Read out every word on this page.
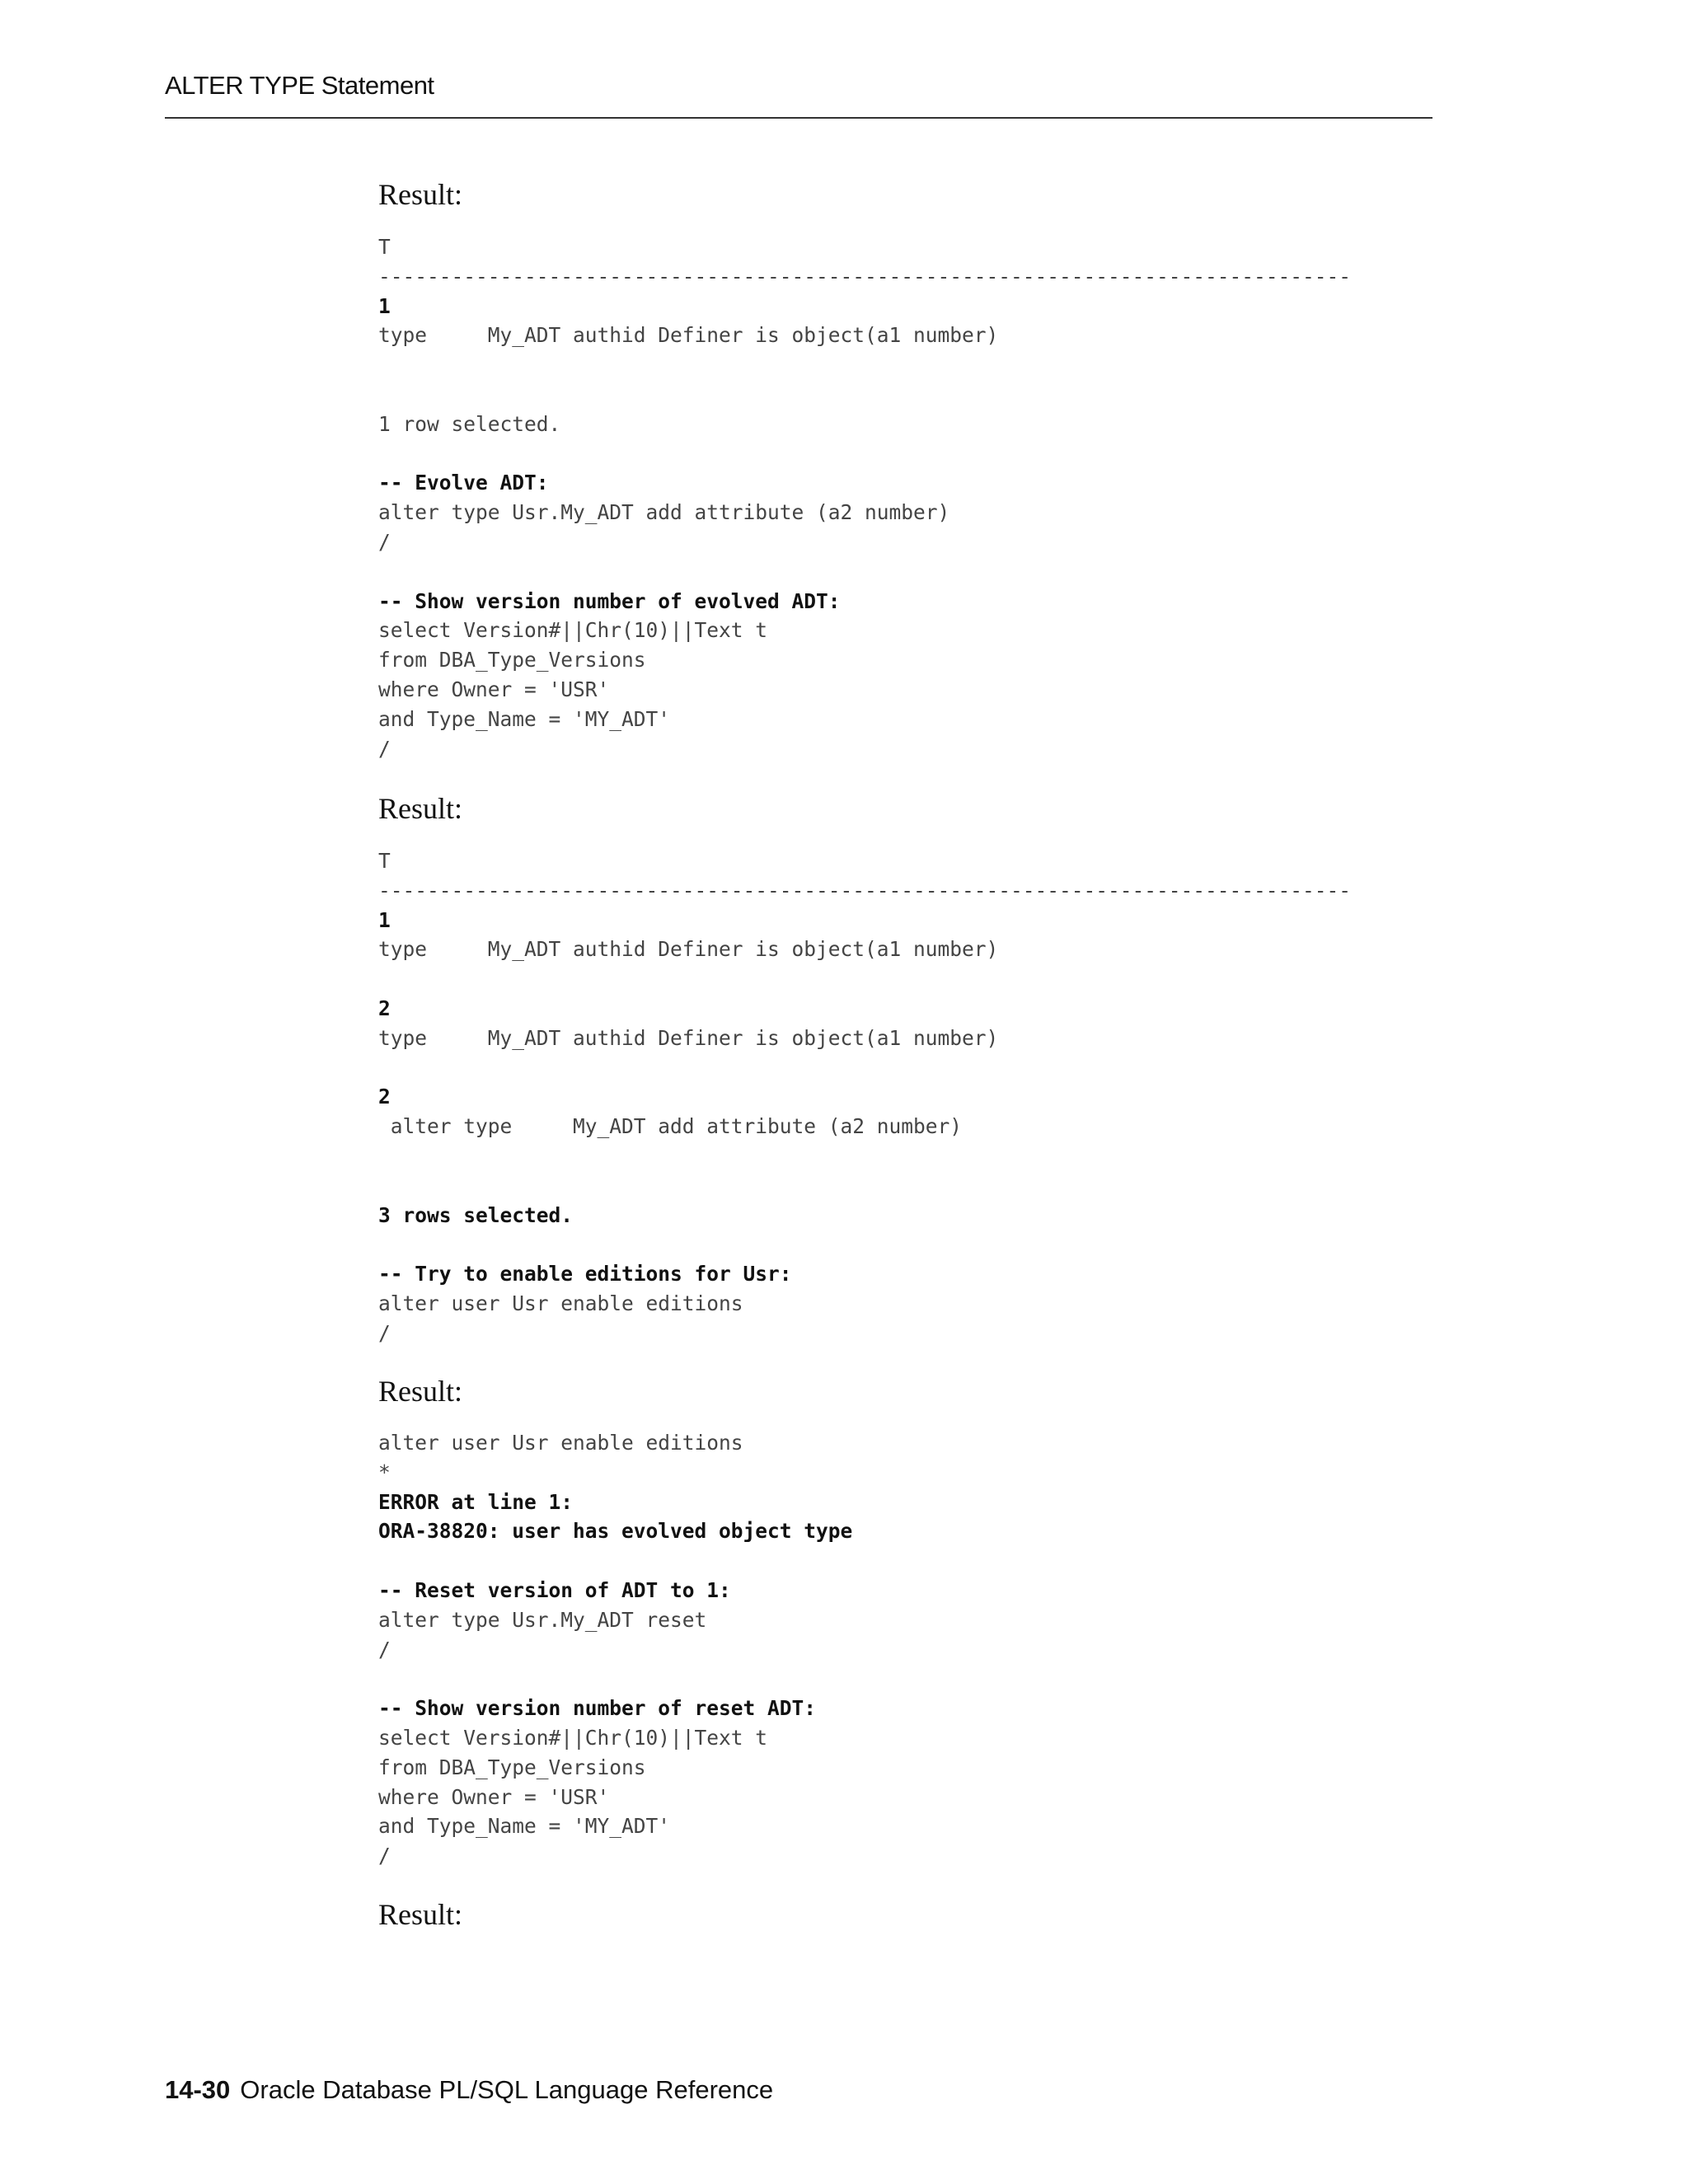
ALTER TYPE Statement
Result:
T
--------------------------------------------------------------------------------
1
type     My_ADT authid Definer is object(a1 number)
1 row selected.
-- Evolve ADT:
alter type Usr.My_ADT add attribute (a2 number)
/
-- Show version number of evolved ADT:
select Version#||Chr(10)||Text t
from DBA_Type_Versions
where Owner = 'USR'
and Type_Name = 'MY_ADT'
/
Result:
T
--------------------------------------------------------------------------------
1
type     My_ADT authid Definer is object(a1 number)
2
type     My_ADT authid Definer is object(a1 number)
2
alter type     My_ADT add attribute (a2 number)
3 rows selected.
-- Try to enable editions for Usr:
alter user Usr enable editions
/
Result:
alter user Usr enable editions
*
ERROR at line 1:
ORA-38820: user has evolved object type
-- Reset version of ADT to 1:
alter type Usr.My_ADT reset
/
-- Show version number of reset ADT:
select Version#||Chr(10)||Text t
from DBA_Type_Versions
where Owner = 'USR'
and Type_Name = 'MY_ADT'
/
Result:
14-30 Oracle Database PL/SQL Language Reference
